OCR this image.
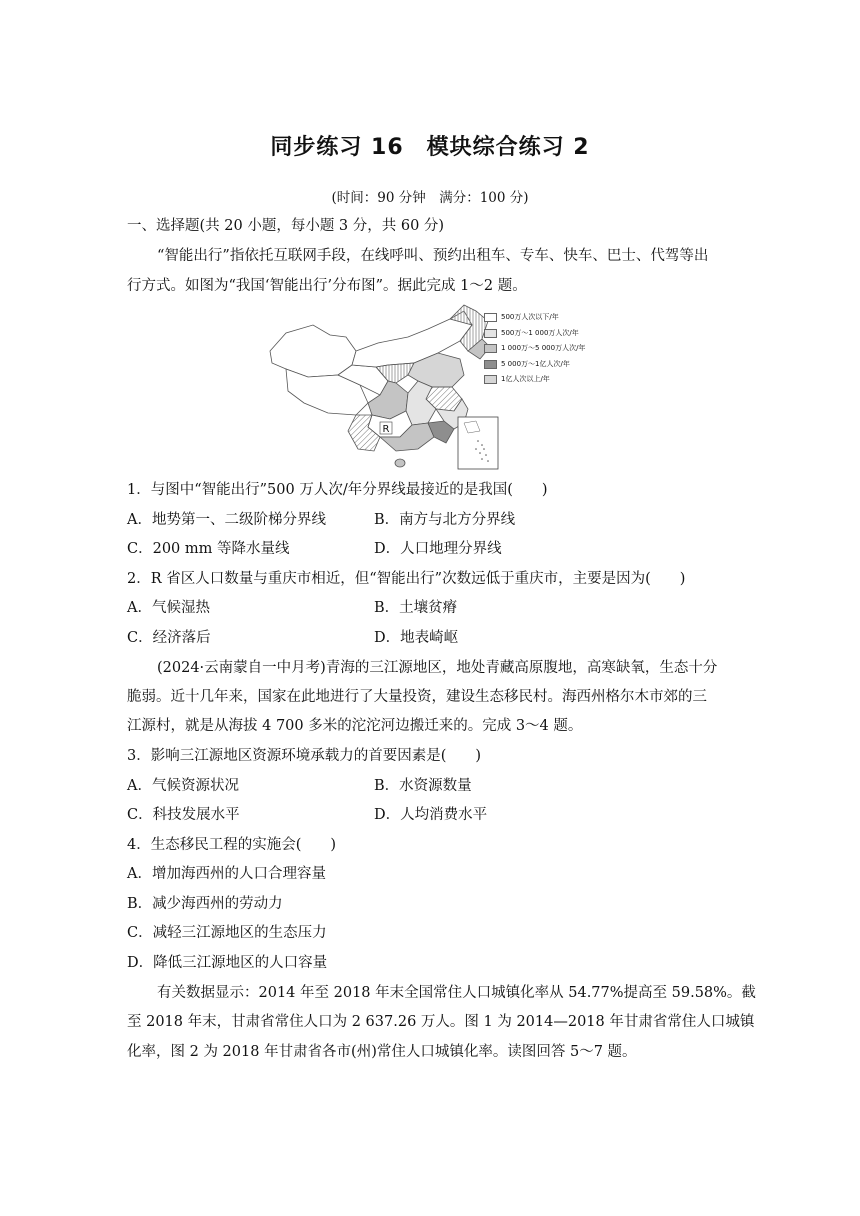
同步练习 16　模块综合练习 2
(时间：90 分钟　满分：100 分)
一、选择题(共 20 小题，每小题 3 分，共 60 分)
“智能出行”指依托互联网手段，在线呼叫、预约出租车、专车、快车、巴士、代驾等出
行方式。如图为“我国‘智能出行’分布图”。据此完成 1～2 题。
R
500万人次以下/年
500万～1 000万人次/年
1 000万～5 000万人次/年
5 000万～1亿人次/年
1亿人次以上/年
1．与图中“智能出行”500 万人次/年分界线最接近的是我国(　　)
A．地势第一、二级阶梯分界线	B．南方与北方分界线
C．200 mm 等降水量线	D．人口地理分界线
2．R 省区人口数量与重庆市相近，但“智能出行”次数远低于重庆市，主要是因为(　　)
A．气候湿热	B．土壤贫瘠
C．经济落后	D．地表崎岖
(2024·云南蒙自一中月考)青海的三江源地区，地处青藏高原腹地，高寒缺氧，生态十分
脆弱。近十几年来，国家在此地进行了大量投资，建设生态移民村。海西州格尔木市郊的三
江源村，就是从海拔 4 700 多米的沱沱河边搬迁来的。完成 3～4 题。
3．影响三江源地区资源环境承载力的首要因素是(　　)
A．气候资源状况	B．水资源数量
C．科技发展水平	D．人均消费水平
4．生态移民工程的实施会(　　)
A．增加海西州的人口合理容量
B．减少海西州的劳动力
C．减轻三江源地区的生态压力
D．降低三江源地区的人口容量
有关数据显示：2014 年至 2018 年末全国常住人口城镇化率从 54.77%提高至 59.58%。截
至 2018 年末，甘肃省常住人口为 2 637.26 万人。图 1 为 2014—2018 年甘肃省常住人口城镇
化率，图 2 为 2018 年甘肃省各市(州)常住人口城镇化率。读图回答 5～7 题。
